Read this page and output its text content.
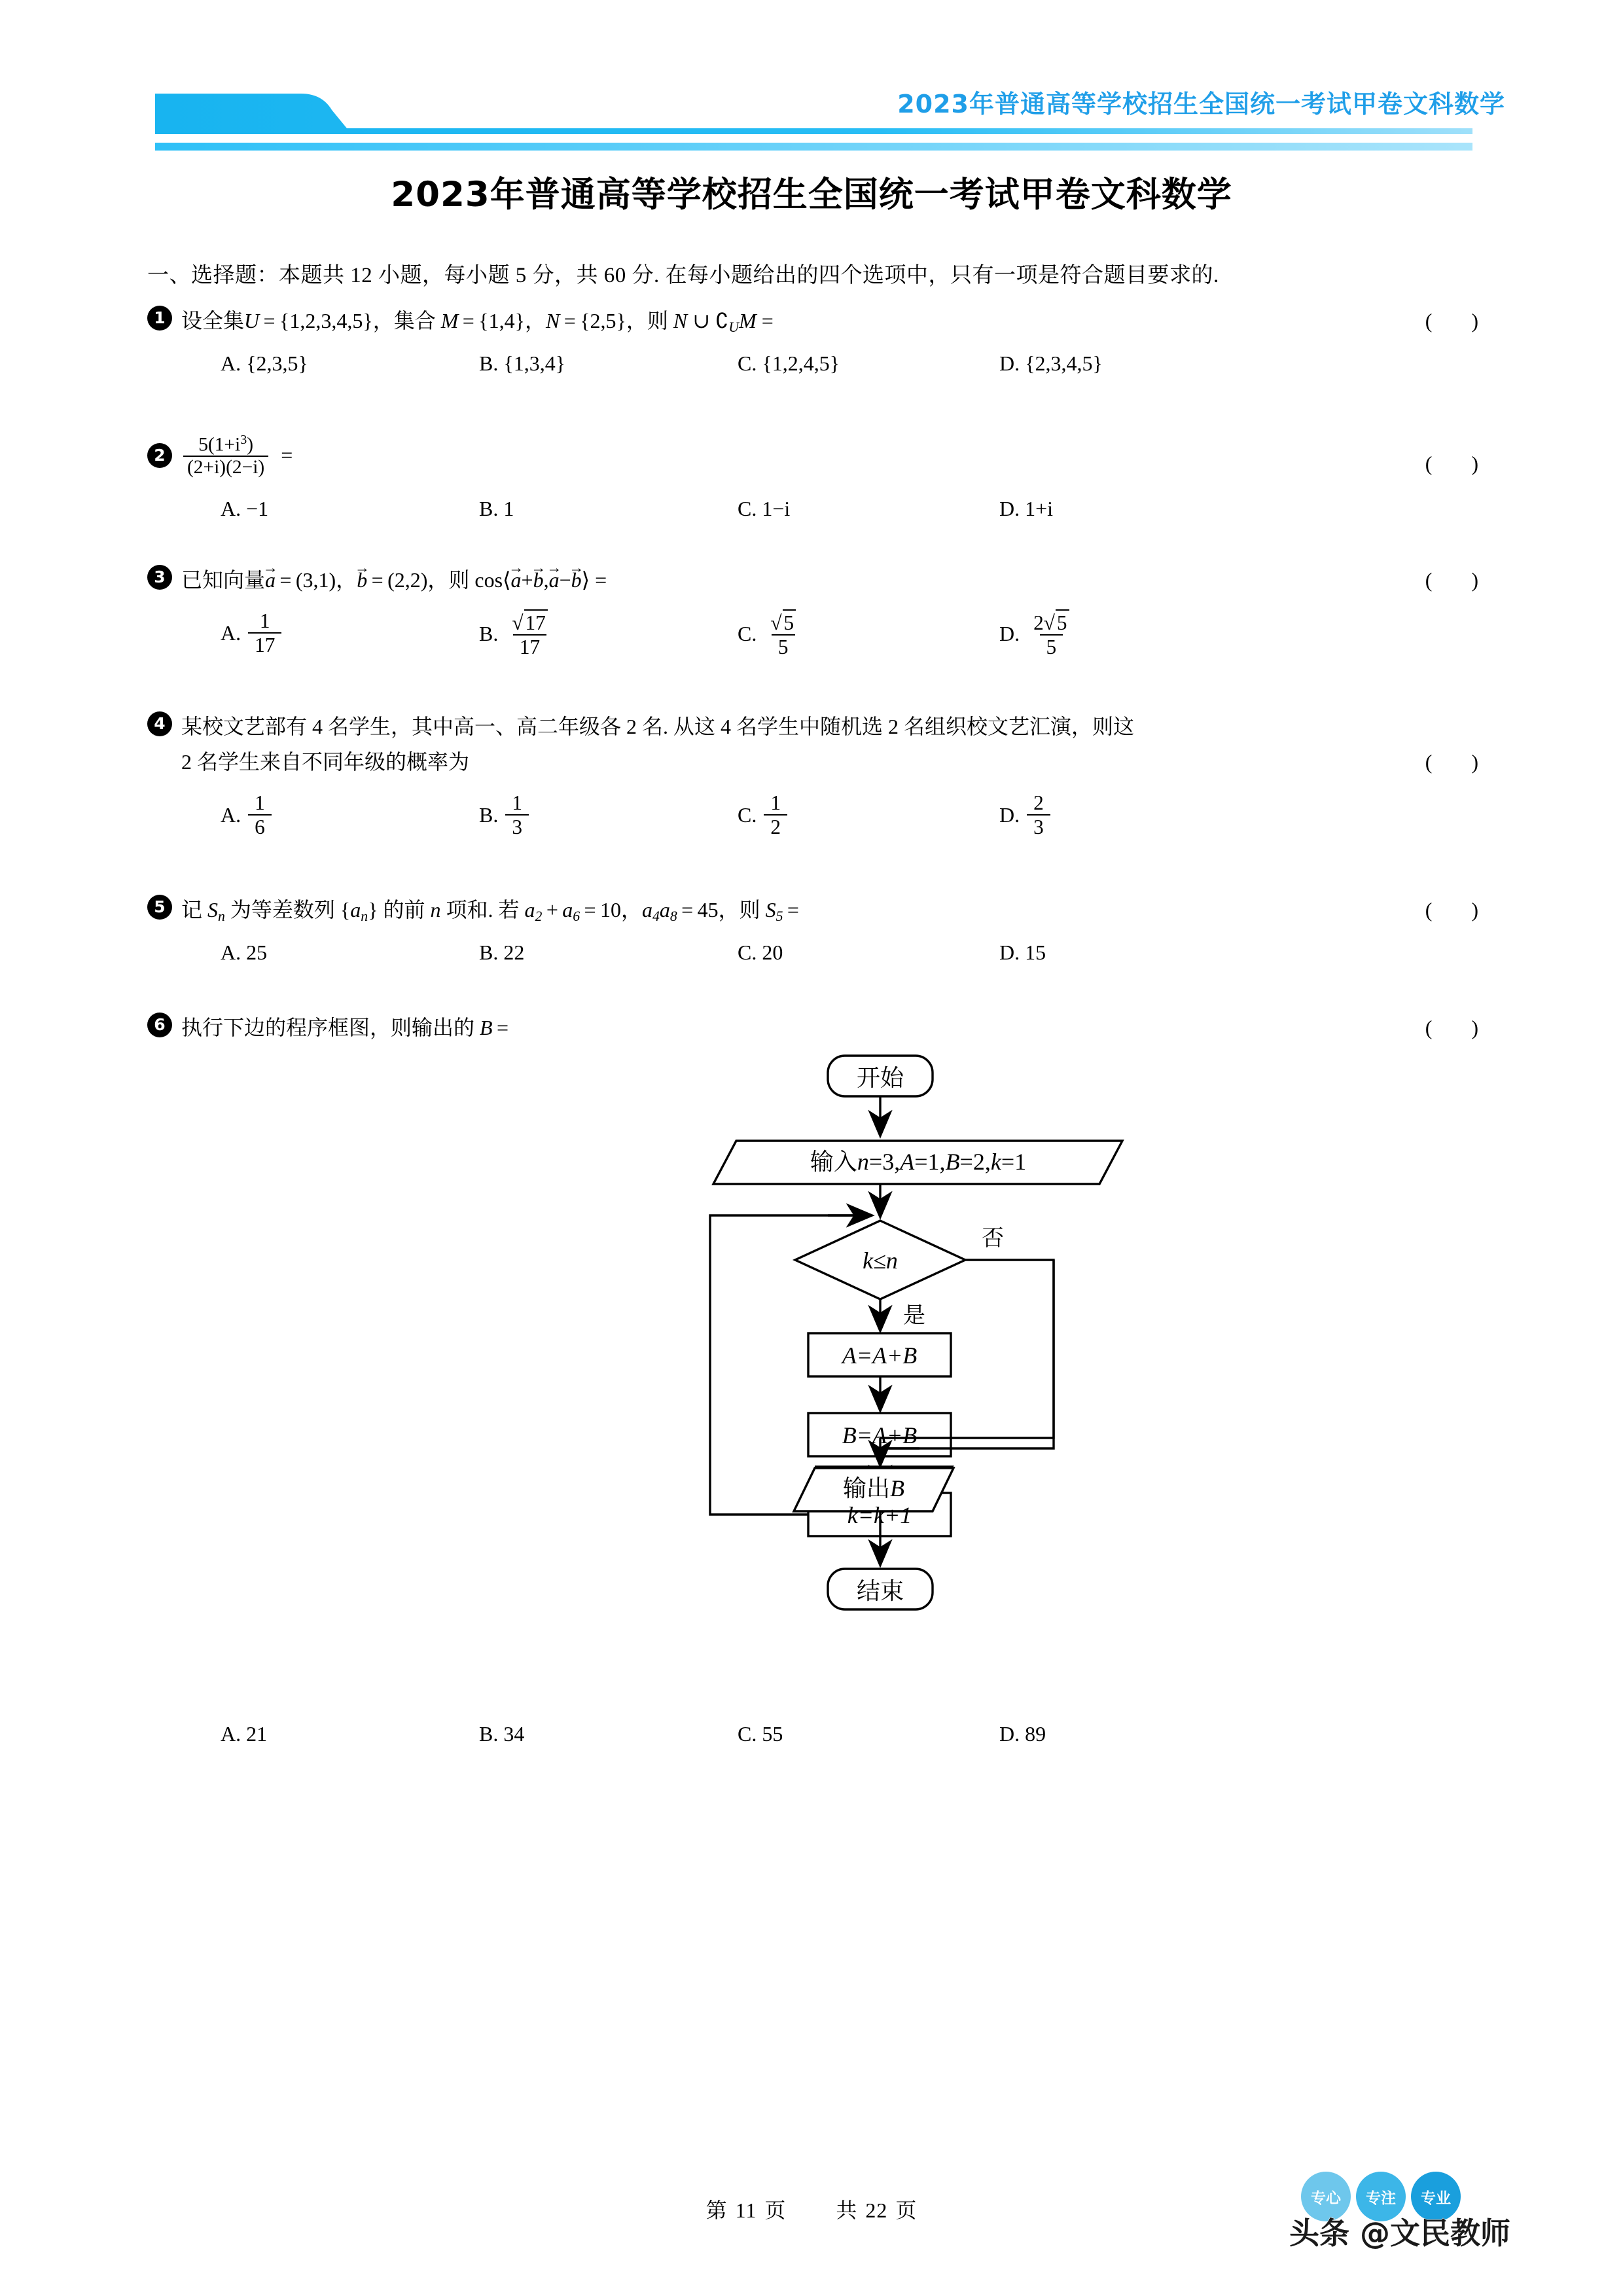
2023年普通高等学校招生全国统一考试甲卷文科数学
2023年普通高等学校招生全国统一考试甲卷文科数学
一、选择题：本题共 12 小题，每小题 5 分，共 60 分. 在每小题给出的四个选项中，只有一项是符合题目要求的.
1 设全集U = {1,2,3,4,5}，集合 M = {1,4}，N = {2,5}，则 N ∪ $∁_UM$ =	( )
A. {2,3,5}	B. {1,3,4}	C. {1,2,4,5}	D. {2,3,4,5}
$2 \frac{5(1+i^3)}{(2+i)(2-i)}$ =	( )
A. −1	B. 1	C. 1−i	D. 1+i
3 已知向量a → = (3,1)，b → = (2,2)，则 cos⟨a →+b →,a →−b →⟩ =	( )
A. $\frac{1}{17}$	B. $\frac{√17}{17}$	C. $\frac{√5}{5}$	D. $\frac{2√5}{5}$
4 某校文艺部有 4 名学生，其中高一、高二年级各 2 名. 从这 4 名学生中随机选 2 名组织校文艺汇演，则这
2 名学生来自不同年级的概率为	( )
A. $\frac{1}{6}$	B. $\frac{1}{3}$	C. $\frac{1}{2}$	D. $\frac{2}{3}$
5 记 $S_n$ 为等差数列 $\{a_n\}$ 的前 n 项和. 若 $a_2 + a_6 = 10$，$a_4a_8 = 45$，则 $S_5$ =	( )
A. 25	B. 22	C. 20	D. 15
6 执行下边的程序框图，则输出的 B =	( )
开始
输入n=3,A=1,B=2,k=1
k≤n
否
是
A=A+B
B=A+B
k=k+1
输出B
结束
A. 21	B. 34	C. 55	D. 89
第 11 页 共 22 页
专心	专注	专业
头条 @文民教师
